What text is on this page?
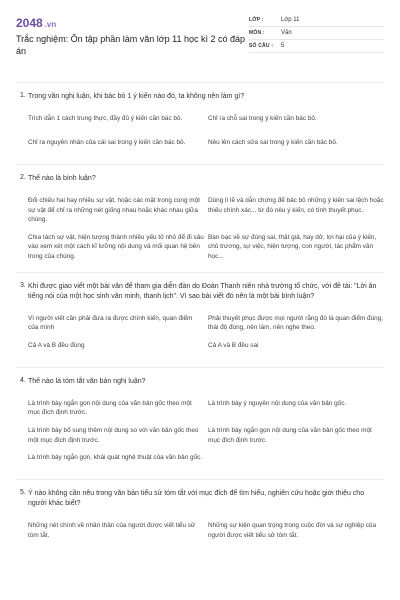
2048 .vn
Trắc nghiệm: Ôn tập phần làm văn lớp 11 học kì 2 có đáp án
LỚP :	Lớp 11
MÔN :	Văn
SỐ CÂU :	5
1. Trong văn nghị luận, khi bác bỏ 1 ý kiến nào đó, ta không nên làm gì?
Trích dẫn 1 cách trung thực, đầy đủ ý kiến cần bác bỏ.	Chỉ ra chỗ sai trong ý kiến cần bác bỏ.
Chỉ ra nguyên nhân của cái sai trong ý kiến cần bác bỏ.	Nêu lên cách sửa sai trong ý kiến cần bác bỏ.
2. Thế nào là bình luận?
Đối chiếu hai hay nhiều sự vật, hoặc các mặt trong cùng một sự vật để chỉ ra những nét giống nhau hoặc khác nhau giữa chúng.
Dùng lí lẽ và dẫn chứng để bác bỏ những ý kiến sai lệch hoặc thiếu chính xác... từ đó nêu ý kiến, có tính thuyết phục.
Chia tách sự vật, hiện tượng thành nhiều yếu tố nhỏ để đi sâu vào xem xét một cách kĩ lưỡng nội dung và mối quan hệ bên trong của chúng.
Bàn bạc về sự đúng sai, thật giả, hay dở, lợi hại của ý kiến, chủ trương, sự việc, hiện tượng, con người, tác phẩm văn học...
3. Khi được giao viết một bài văn để tham gia diễn đàn do Đoàn Thanh niên nhà trường tổ chức, với đề tài: "Lời ăn tiếng nói của một học sinh văn minh, thanh lịch". Vì sao bài viết đó nên là một bài bình luận?
Vì người viết cần phải đưa ra được chính kiến, quan điểm của mình
Phải thuyết phục được mọi người rằng đó là quan điểm đúng, thái độ đúng, nên làm, nên nghe theo.
Cả A và B đều đúng	Cả A và B đều sai
4. Thế nào là tóm tắt văn bản nghị luận?
Là trình bày ngắn gọn nội dung của văn bản gốc theo một mục đích định trước.
Là trình bày ý nguyên nội dung của văn bản gốc.
Là trình bày bổ sung thêm nội dung so với văn bản gốc theo một mục đích định trước.
Là trình bày ngắn gọn nội dung của văn bản gốc theo một mục đích định trước.
Là trình bày ngắn gọn, khái quát nghệ thuật của văn bản gốc.
5. Ý nào không cần nêu trong văn bản tiểu sử tóm tắt với mục đích để tìm hiểu, nghiên cứu hoặc giới thiệu cho người khác biết?
Những nét chính về nhân thân của người được viết tiểu sử tóm tắt.
Những sự kiện quan trọng trong cuộc đời và sự nghiệp của người được viết tiểu sử tóm tắt.
